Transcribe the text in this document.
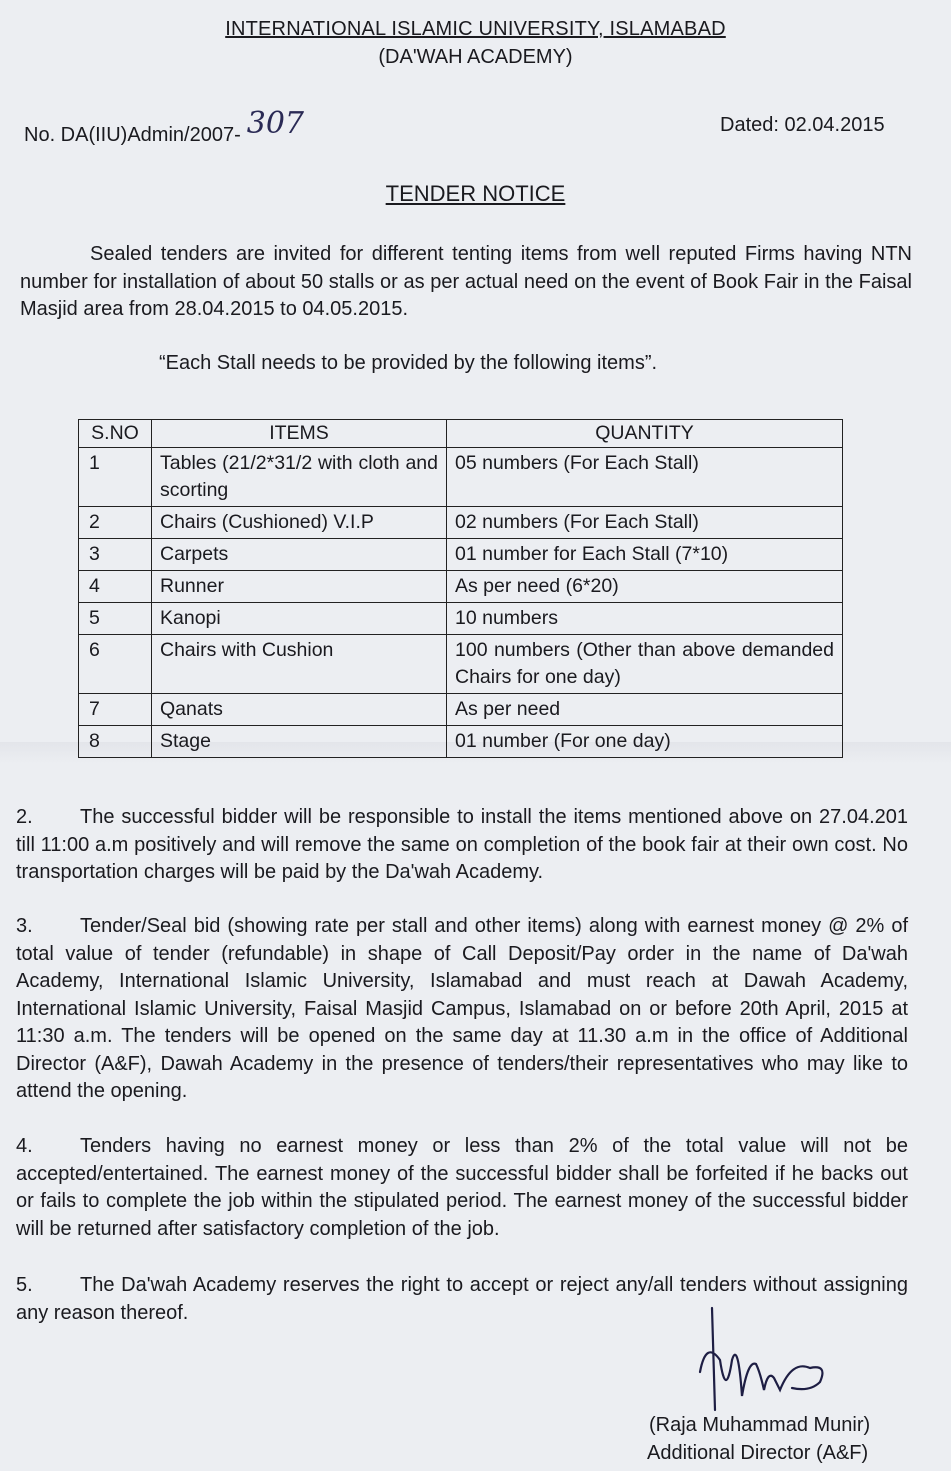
INTERNATIONAL ISLAMIC UNIVERSITY, ISLAMABAD
(DA'WAH ACADEMY)
No. DA(IIU)Admin/2007- 307	Dated: 02.04.2015
TENDER NOTICE
Sealed tenders are invited for different tenting items from well reputed Firms having NTN number for installation of about 50 stalls or as per actual need on the event of Book Fair in the Faisal Masjid area from 28.04.2015 to 04.05.2015.
“Each Stall needs to be provided by the following items”.
S.NO	ITEMS	QUANTITY
1	Tables (21/2*31/2 with cloth and scorting	05 numbers (For Each Stall)
2	Chairs (Cushioned) V.I.P	02 numbers (For Each Stall)
3	Carpets	01 number for Each Stall (7*10)
4	Runner	As per need (6*20)
5	Kanopi	10 numbers
6	Chairs with Cushion	100 numbers (Other than above demanded Chairs for one day)
7	Qanats	As per need
8	Stage	01 number (For one day)
2. The successful bidder will be responsible to install the items mentioned above on 27.04.201 till 11:00 a.m positively and will remove the same on completion of the book fair at their own cost. No transportation charges will be paid by the Da'wah Academy.
3. Tender/Seal bid (showing rate per stall and other items) along with earnest money @ 2% of total value of tender (refundable) in shape of Call Deposit/Pay order in the name of Da'wah Academy, International Islamic University, Islamabad and must reach at Dawah Academy, International Islamic University, Faisal Masjid Campus, Islamabad on or before 20th April, 2015 at 11:30 a.m. The tenders will be opened on the same day at 11.30 a.m in the office of Additional Director (A&F), Dawah Academy in the presence of tenders/their representatives who may like to attend the opening.
4. Tenders having no earnest money or less than 2% of the total value will not be accepted/entertained. The earnest money of the successful bidder shall be forfeited if he backs out or fails to complete the job within the stipulated period. The earnest money of the successful bidder will be returned after satisfactory completion of the job.
5. The Da'wah Academy reserves the right to accept or reject any/all tenders without assigning any reason thereof.
(Raja Muhammad Munir)
Additional Director (A&F)
